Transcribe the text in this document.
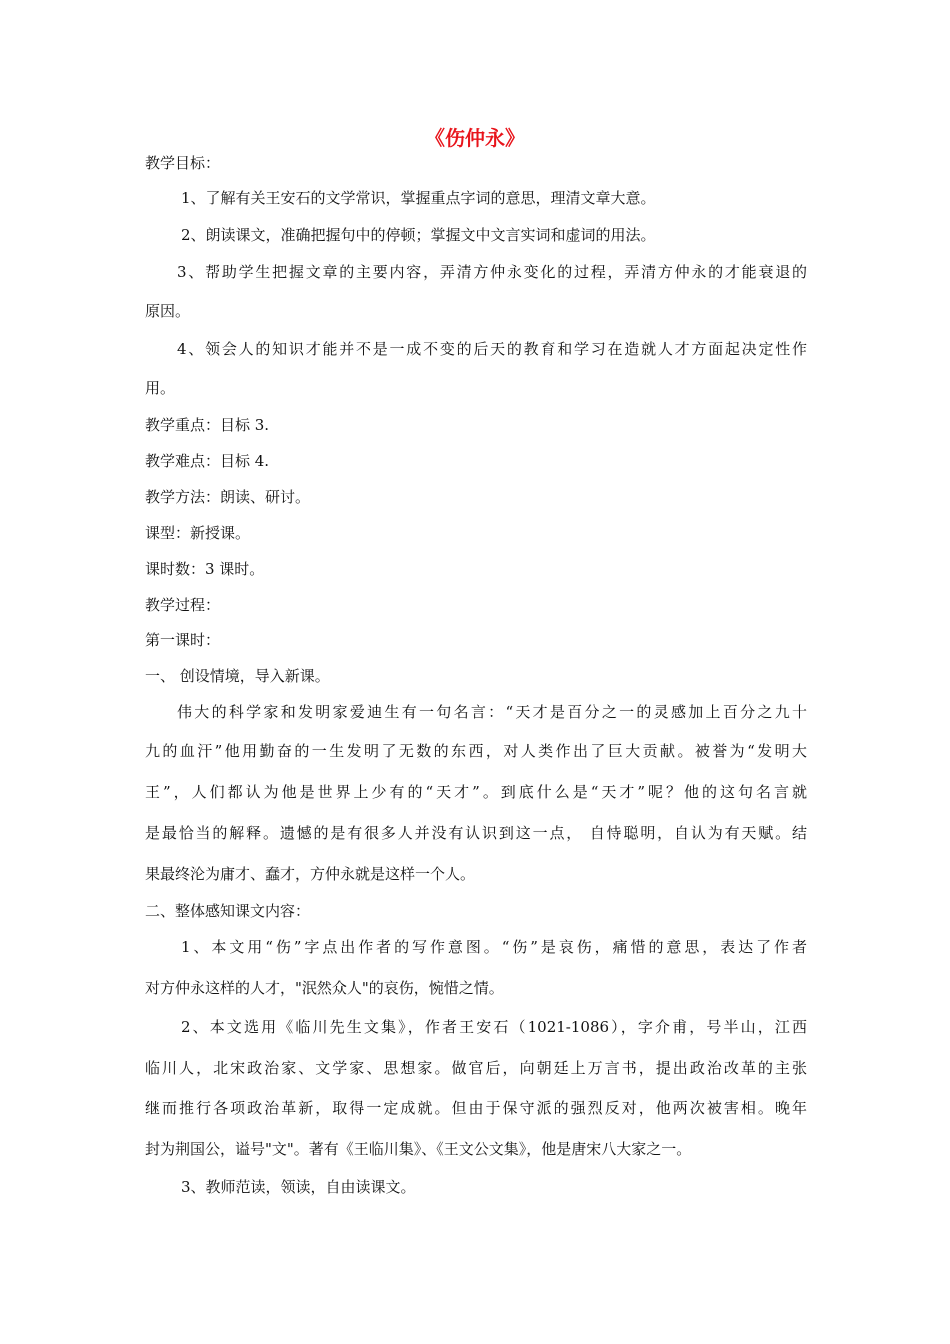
《伤仲永》

教学目标：

1、了解有关王安石的文学常识，掌握重点字词的意思，理清文章大意。

2、朗读课文，准确把握句中的停顿；掌握文中文言实词和虚词的用法。

3、帮助学生把握文章的主要内容，弄清方仲永变化的过程，弄清方仲永的才能衰退的

原因。

4、领会人的知识才能并不是一成不变的后天的教育和学习在造就人才方面起决定性作

用。

教学重点：目标 3.

教学难点：目标 4.

教学方法：朗读、研讨。

课型：新授课。

课时数：3 课时。

教学过程：

第一课时：

一、 创设情境，导入新课。

伟大的科学家和发明家爱迪生有一句名言：“天才是百分之一的灵感加上百分之九十

九的血汗”他用勤奋的一生发明了无数的东西，对人类作出了巨大贡献。被誉为“发明大

王”，人们都认为他是世界上少有的“天才”。到底什么是“天才”呢？他的这句名言就

是最恰当的解释。遗憾的是有很多人并没有认识到这一点， 自恃聪明，自认为有天赋。结

果最终沦为庸才、蠢才，方仲永就是这样一个人。

二、整体感知课文内容：

1、本文用“伤”字点出作者的写作意图。“伤”是哀伤，痛惜的意思，表达了作者

对方仲永这样的人才，"泯然众人"的哀伤，惋惜之情。

2、本文选用《临川先生文集》，作者王安石（1021-1086），字介甫，号半山，江西

临川人，北宋政治家、文学家、思想家。做官后，向朝廷上万言书，提出政治改革的主张

继而推行各项政治革新，取得一定成就。但由于保守派的强烈反对，他两次被害相。晚年

封为荆国公，谥号"文"。著有《王临川集》、《王文公文集》，他是唐宋八大家之一。

3、教师范读，领读，自由读课文。
